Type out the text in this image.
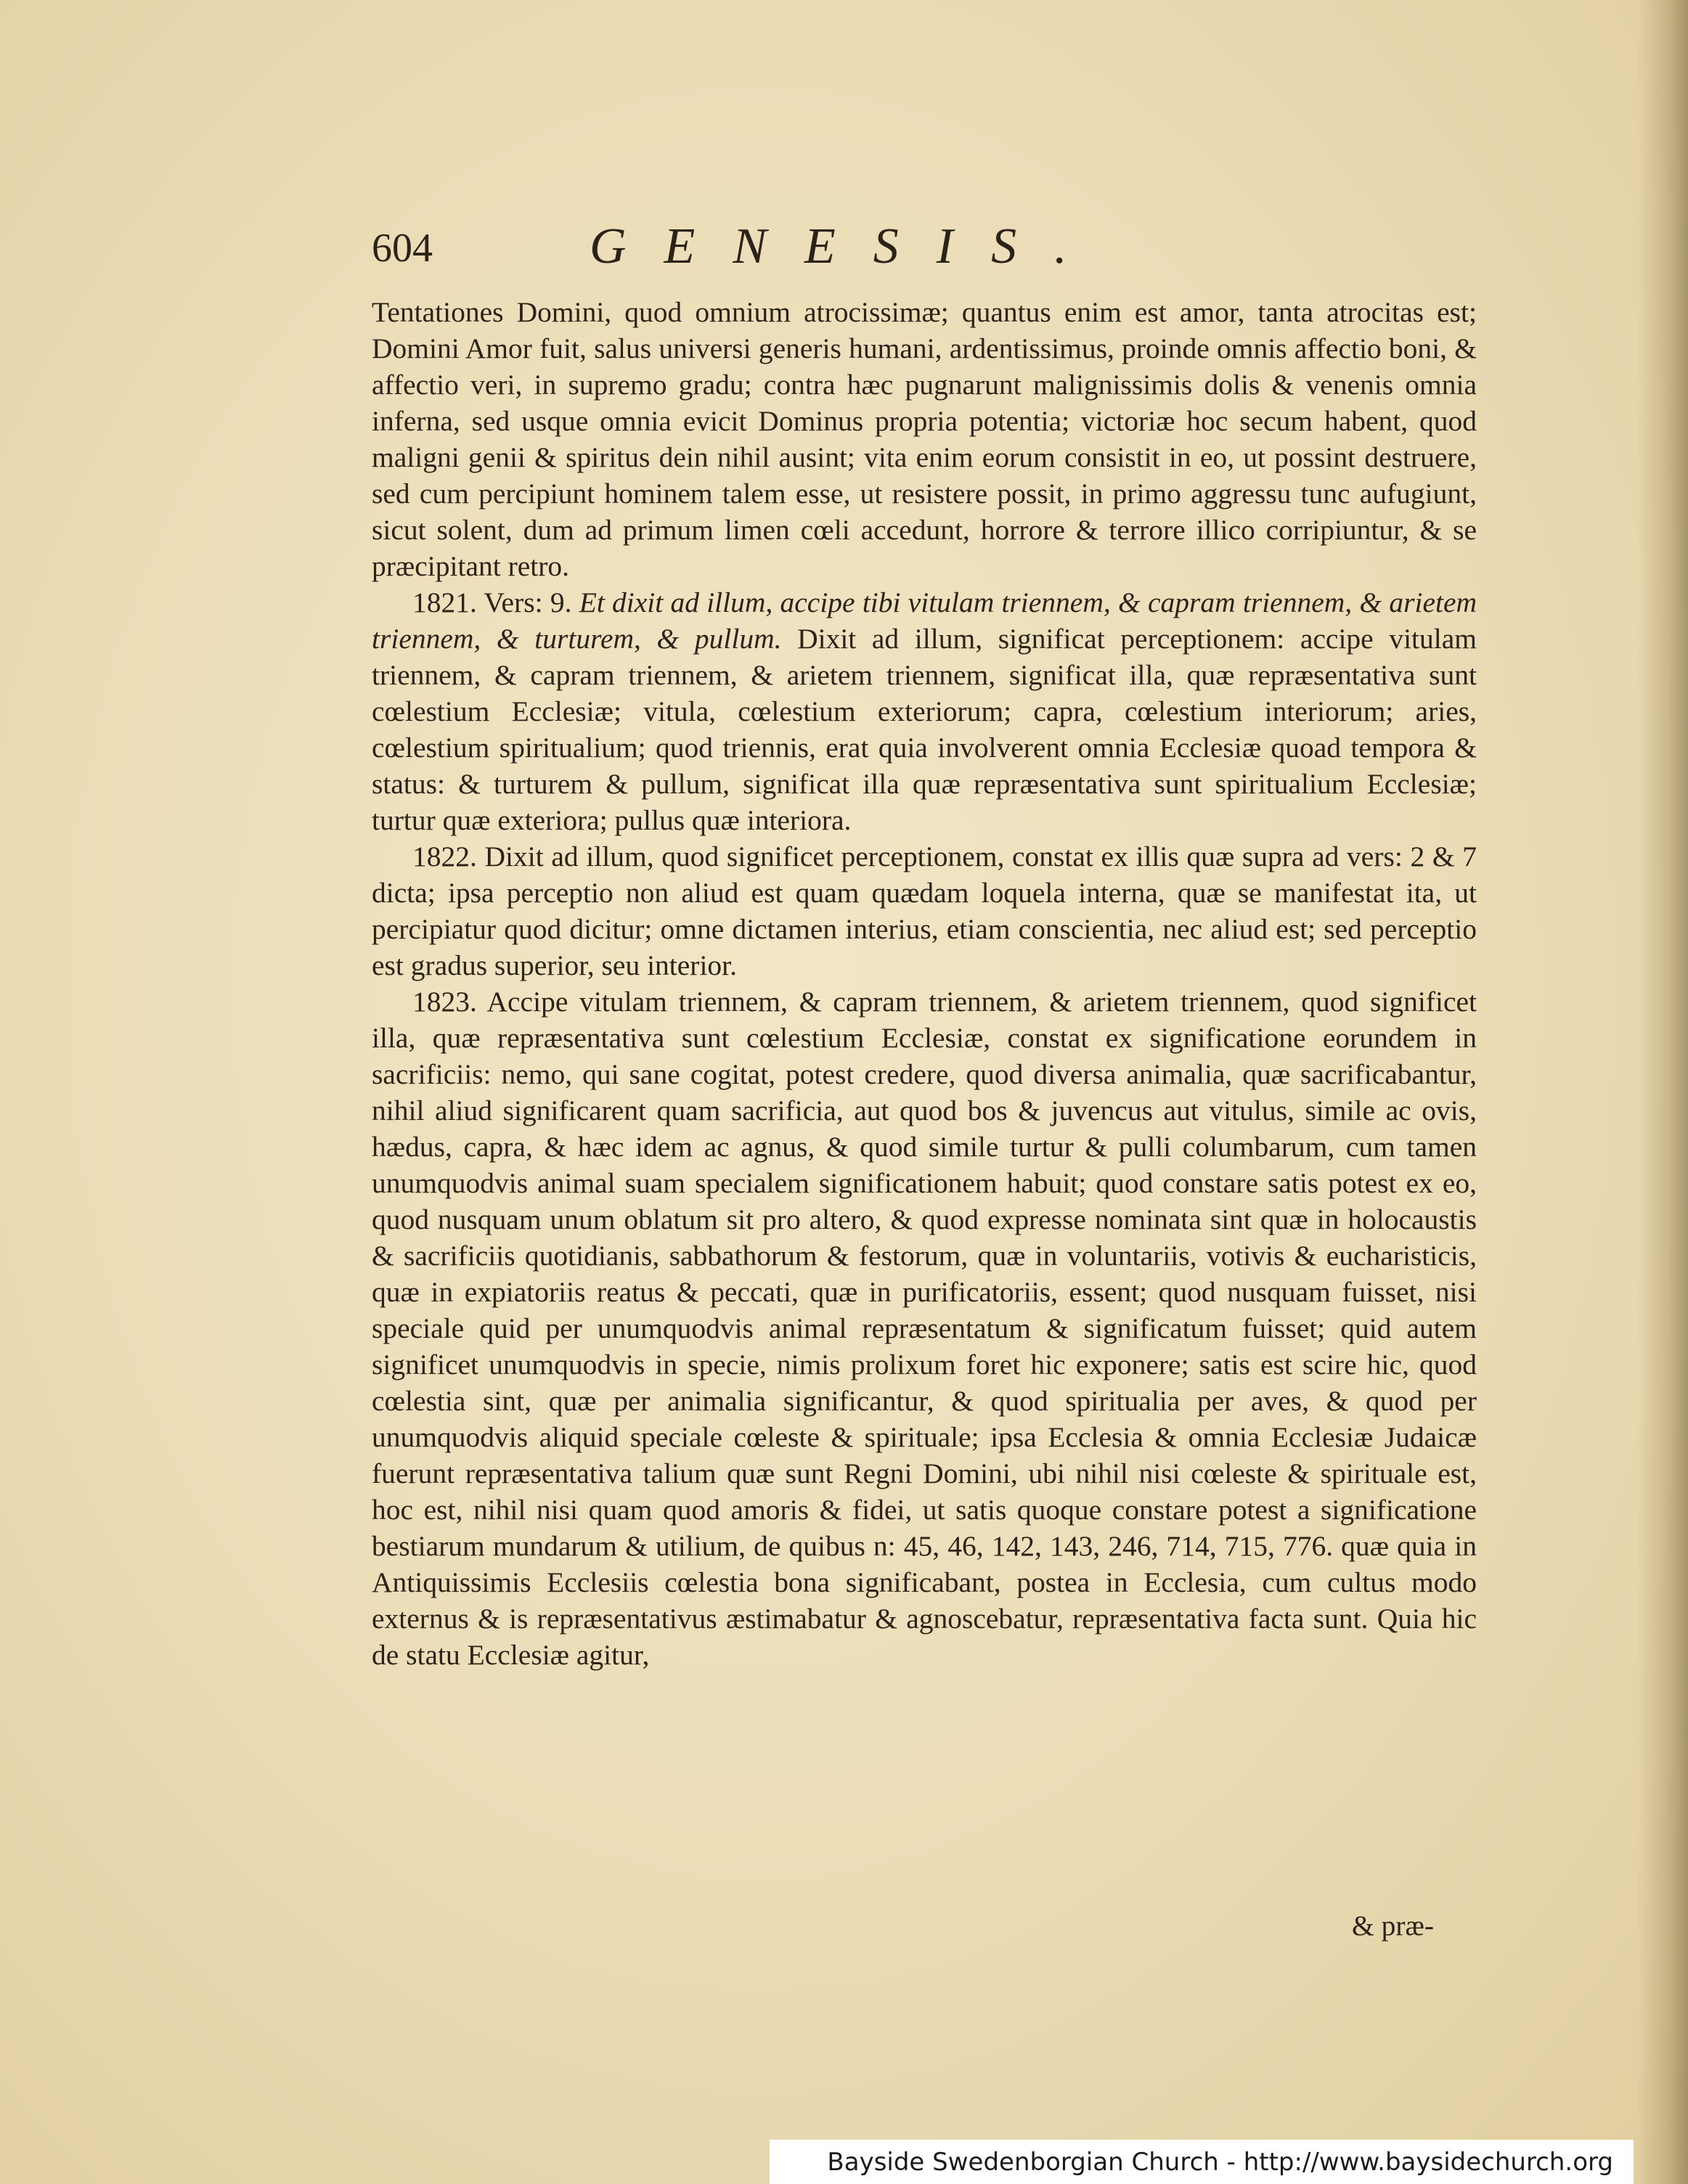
604	GENESIS.

Tentationes Domini, quod omnium atrocissimæ; quantus enim est amor, tanta atrocitas est; Domini Amor fuit, salus universi generis humani, ardentissimus, proinde omnis affectio boni, & affectio veri, in supremo gradu; contra hæc pugnarunt malignissimis dolis & venenis omnia inferna, sed usque omnia evicit Dominus propria potentia; victoriæ hoc secum habent, quod maligni genii & spiritus dein nihil ausint; vita enim eorum consistit in eo, ut possint destruere, sed cum percipiunt hominem talem esse, ut resistere possit, in primo aggressu tunc aufugiunt, sicut solent, dum ad primum limen cœli accedunt, horrore & terrore illico corripiuntur, & se præcipitant retro.

1821. Vers: 9. Et dixit ad illum, accipe tibi vitulam triennem, & capram triennem, & arietem triennem, & turturem, & pullum. Dixit ad illum, significat perceptionem: accipe vitulam triennem, & capram triennem, & arietem triennem, significat illa, quæ repræsentativa sunt cœlestium Ecclesiæ; vitula, cœlestium exteriorum; capra, cœlestium interiorum; aries, cœlestium spiritualium; quod triennis, erat quia involverent omnia Ecclesiæ quoad tempora & status: & turturem & pullum, significat illa quæ repræsentativa sunt spiritualium Ecclesiæ; turtur quæ exteriora; pullus quæ interiora.

1822. Dixit ad illum, quod significet perceptionem, constat ex illis quæ supra ad vers: 2 & 7 dicta; ipsa perceptio non aliud est quam quædam loquela interna, quæ se manifestat ita, ut percipiatur quod dicitur; omne dictamen interius, etiam conscientia, nec aliud est; sed perceptio est gradus superior, seu interior.

1823. Accipe vitulam triennem, & capram triennem, & arietem triennem, quod significet illa, quæ repræsentativa sunt cœlestium Ecclesiæ, constat ex significatione eorundem in sacrificiis: nemo, qui sane cogitat, potest credere, quod diversa animalia, quæ sacrificabantur, nihil aliud significarent quam sacrificia, aut quod bos & juvencus aut vitulus, simile ac ovis, hædus, capra, & hæc idem ac agnus, & quod simile turtur & pulli columbarum, cum tamen unumquodvis animal suam specialem significationem habuit; quod constare satis potest ex eo, quod nusquam unum oblatum sit pro altero, & quod expresse nominata sint quæ in holocaustis & sacrificiis quotidianis, sabbathorum & festorum, quæ in voluntariis, votivis & eucharisticis, quæ in expiatoriis reatus & peccati, quæ in purificatoriis, essent; quod nusquam fuisset, nisi speciale quid per unumquodvis animal repræsentatum & significatum fuisset; quid autem significet unumquodvis in specie, nimis prolixum foret hic exponere; satis est scire hic, quod cœlestia sint, quæ per animalia significantur, & quod spiritualia per aves, & quod per unumquodvis aliquid speciale cœleste & spirituale; ipsa Ecclesia & omnia Ecclesiæ Judaicæ fuerunt repræsentativa talium quæ sunt Regni Domini, ubi nihil nisi cœleste & spirituale est, hoc est, nihil nisi quam quod amoris & fidei, ut satis quoque constare potest a significatione bestiarum mundarum & utilium, de quibus n: 45, 46, 142, 143, 246, 714, 715, 776. quæ quia in Antiquissimis Ecclesiis cœlestia bona significabant, postea in Ecclesia, cum cultus modo externus & is repræsentativus æstimabatur & agnoscebatur, repræsentativa facta sunt. Quia hic de statu Ecclesiæ agitur,

& præ-
Bayside Swedenborgian Church - http://www.baysidechurch.org
